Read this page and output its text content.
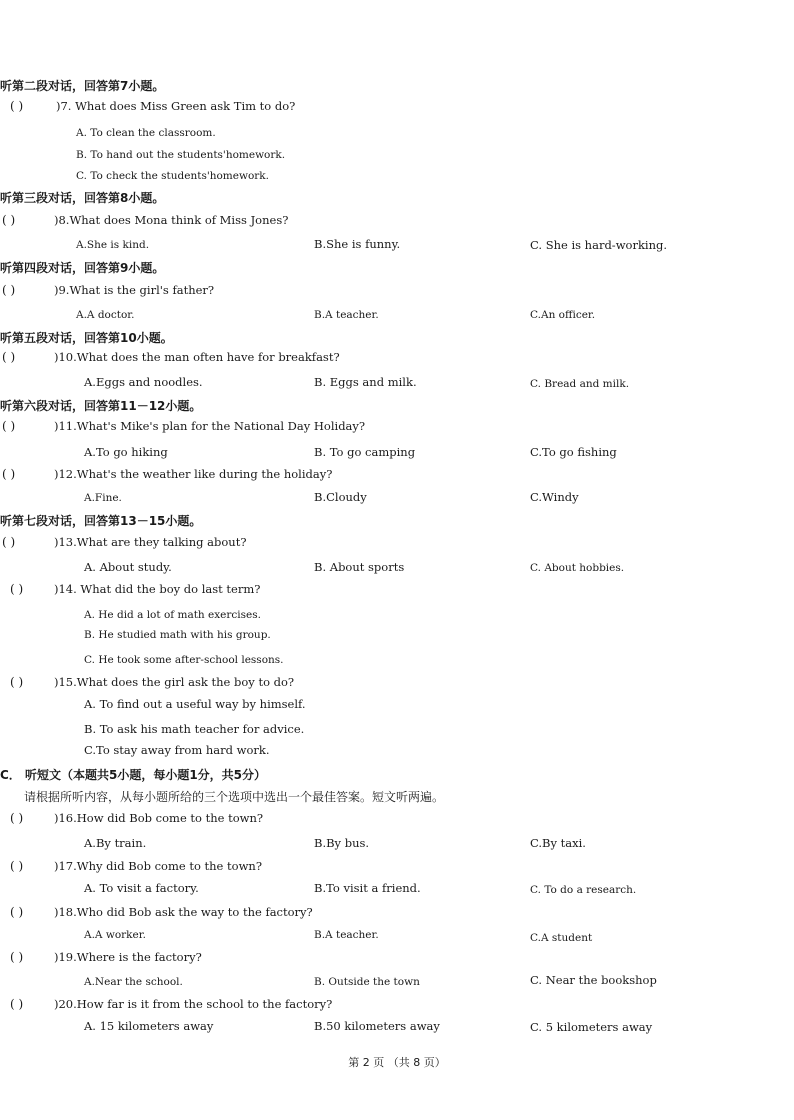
听第二段对话，回答第7小题。
( )	)7. What does Miss Green ask Tim to do?
A. To clean the classroom.
B. To hand out the students'homework.
C. To check the students'homework.
听第三段对话，回答第8小题。
( )	)8.What does Mona think of Miss Jones?
A.She is kind.	B.She is funny.	C. She is hard-working.
听第四段对话，回答第9小题。
( )	)9.What is the girl's father?
A.A doctor.	B.A teacher.	C.An officer.
听第五段对话，回答第10小题。
( )	)10.What does the man often have for breakfast?
A.Eggs and noodles.	B. Eggs and milk.	C. Bread and milk.
听第六段对话，回答第11－12小题。
( )	)11.What's Mike's plan for the National Day Holiday?
A.To go hiking	B. To go camping	C.To go fishing
( )	)12.What's the weather like during the holiday?
A.Fine.	B.Cloudy	C.Windy
听第七段对话，回答第13－15小题。
( )	)13.What are they talking about?
A. About study.	B. About sports	C. About hobbies.
( )	)14. What did the boy do last term?
A. He did a lot of math exercises.
B. He studied math with his group.
C. He took some after-school lessons.
( )	)15.What does the girl ask the boy to do?
A. To find out a useful way by himself.
B. To ask his math teacher for advice.
C.To stay away from hard work.
C． 听短文（本题共5小题，每小题1分，共5分）
请根据所听内容，从每小题所给的三个选项中选出一个最佳答案。短文听两遍。
( )	)16.How did Bob come to the town?
A.By train.	B.By bus.	C.By taxi.
( )	)17.Why did Bob come to the town?
A. To visit a factory.	B.To visit a friend.	C. To do a research.
( )	)18.Who did Bob ask the way to the factory?
A.A worker.	B.A teacher.	C.A student
( )	)19.Where is the factory?
A.Near the school.	B. Outside the town	C. Near the bookshop
( )	)20.How far is it from the school to the factory?
A. 15 kilometers away	B.50 kilometers away	C. 5 kilometers away
第 2 页 （共 8 页）
